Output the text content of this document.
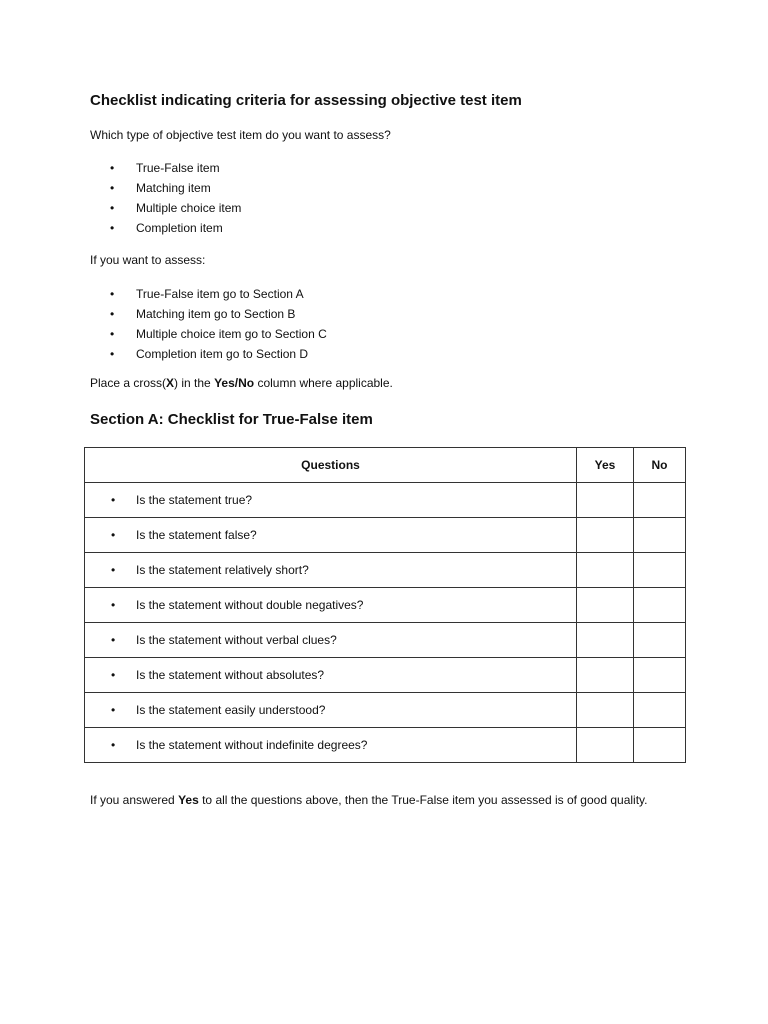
Checklist indicating criteria for assessing objective test item

Which type of objective test item do you want to assess?

• True-False item
• Matching item
• Multiple choice item
• Completion item

If you want to assess:

• True-False item go to Section A
• Matching item go to Section B
• Multiple choice item go to Section C
• Completion item go to Section D

Place a cross(X) in the Yes/No column where applicable.

Section A: Checklist for True-False item
Questions	Yes	No

• Is the statement true?		

• Is the statement false?		

• Is the statement relatively short?		

• Is the statement without double negatives?		

• Is the statement without verbal clues?		

• Is the statement without absolutes?		

• Is the statement easily understood?		

• Is the statement without indefinite degrees?		

If you answered Yes to all the questions above, then the True-False item you assessed is of good quality.
